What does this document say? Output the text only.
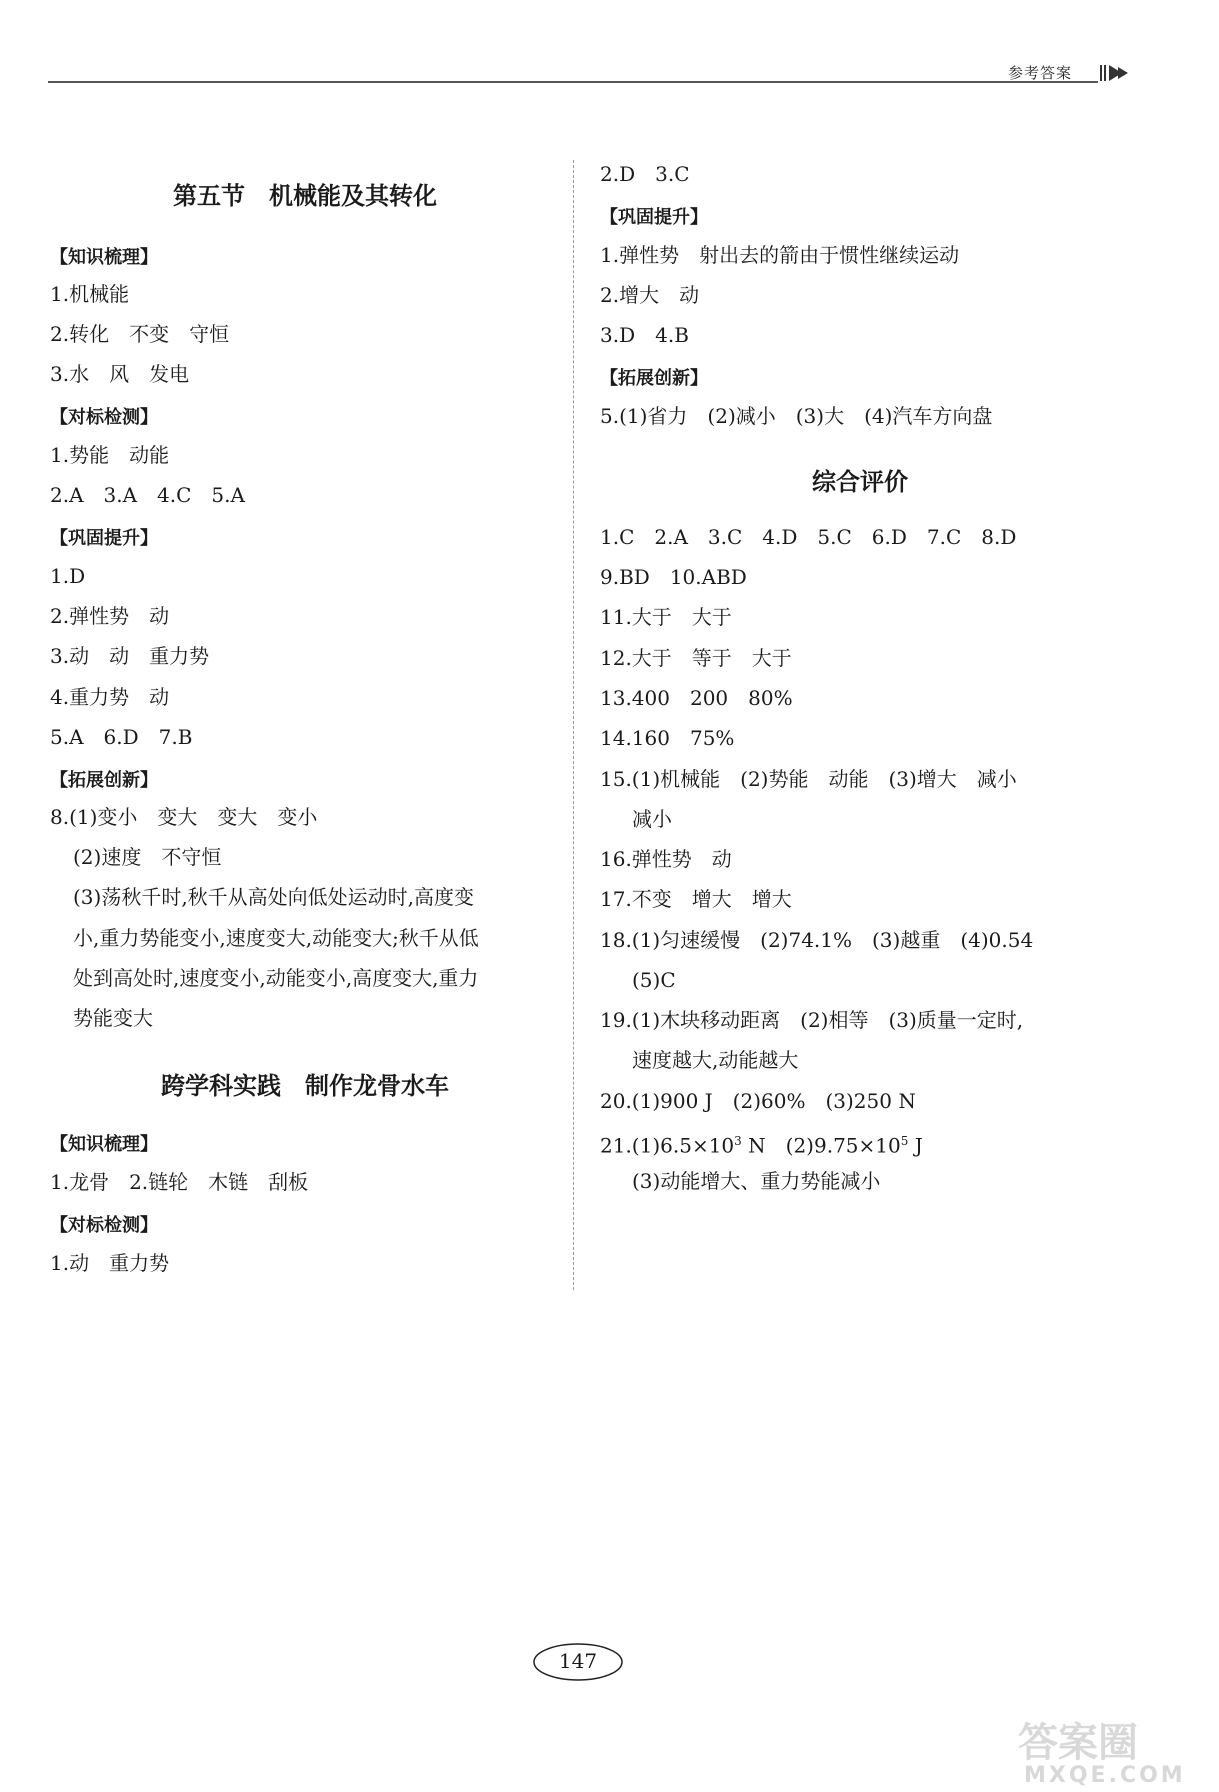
参考答案
第五节　机械能及其转化
【知识梳理】
1.机械能
2.转化　不变　守恒
3.水　风　发电
【对标检测】
1.势能　动能
2.A　3.A　4.C　5.A
【巩固提升】
1.D
2.弹性势　动
3.动　动　重力势
4.重力势　动
5.A　6.D　7.B
【拓展创新】
8.(1)变小　变大　变大　变小
(2)速度　不守恒
(3)荡秋千时,秋千从高处向低处运动时,高度变
小,重力势能变小,速度变大,动能变大;秋千从低
处到高处时,速度变小,动能变小,高度变大,重力
势能变大
跨学科实践　制作龙骨水车
【知识梳理】
1.龙骨　2.链轮　木链　刮板
【对标检测】
1.动　重力势
2.D　3.C
【巩固提升】
1.弹性势　射出去的箭由于惯性继续运动
2.增大　动
3.D　4.B
【拓展创新】
5.(1)省力　(2)减小　(3)大　(4)汽车方向盘
综合评价
1.C　2.A　3.C　4.D　5.C　6.D　7.C　8.D
9.BD　10.ABD
11.大于　大于
12.大于　等于　大于
13.400　200　80%
14.160　75%
15.(1)机械能　(2)势能　动能　(3)增大　减小
减小
16.弹性势　动
17.不变　增大　增大
18.(1)匀速缓慢　(2)74.1%　(3)越重　(4)0.54
(5)C
19.(1)木块移动距离　(2)相等　(3)质量一定时,
速度越大,动能越大
20.(1)900 J　(2)60%　(3)250 N
$21.(1)6.5\times 10^3$ N　$(2)9.75\times 10^5$ J
(3)动能增大、重力势能减小
147
答案圈
MXQE.COM
